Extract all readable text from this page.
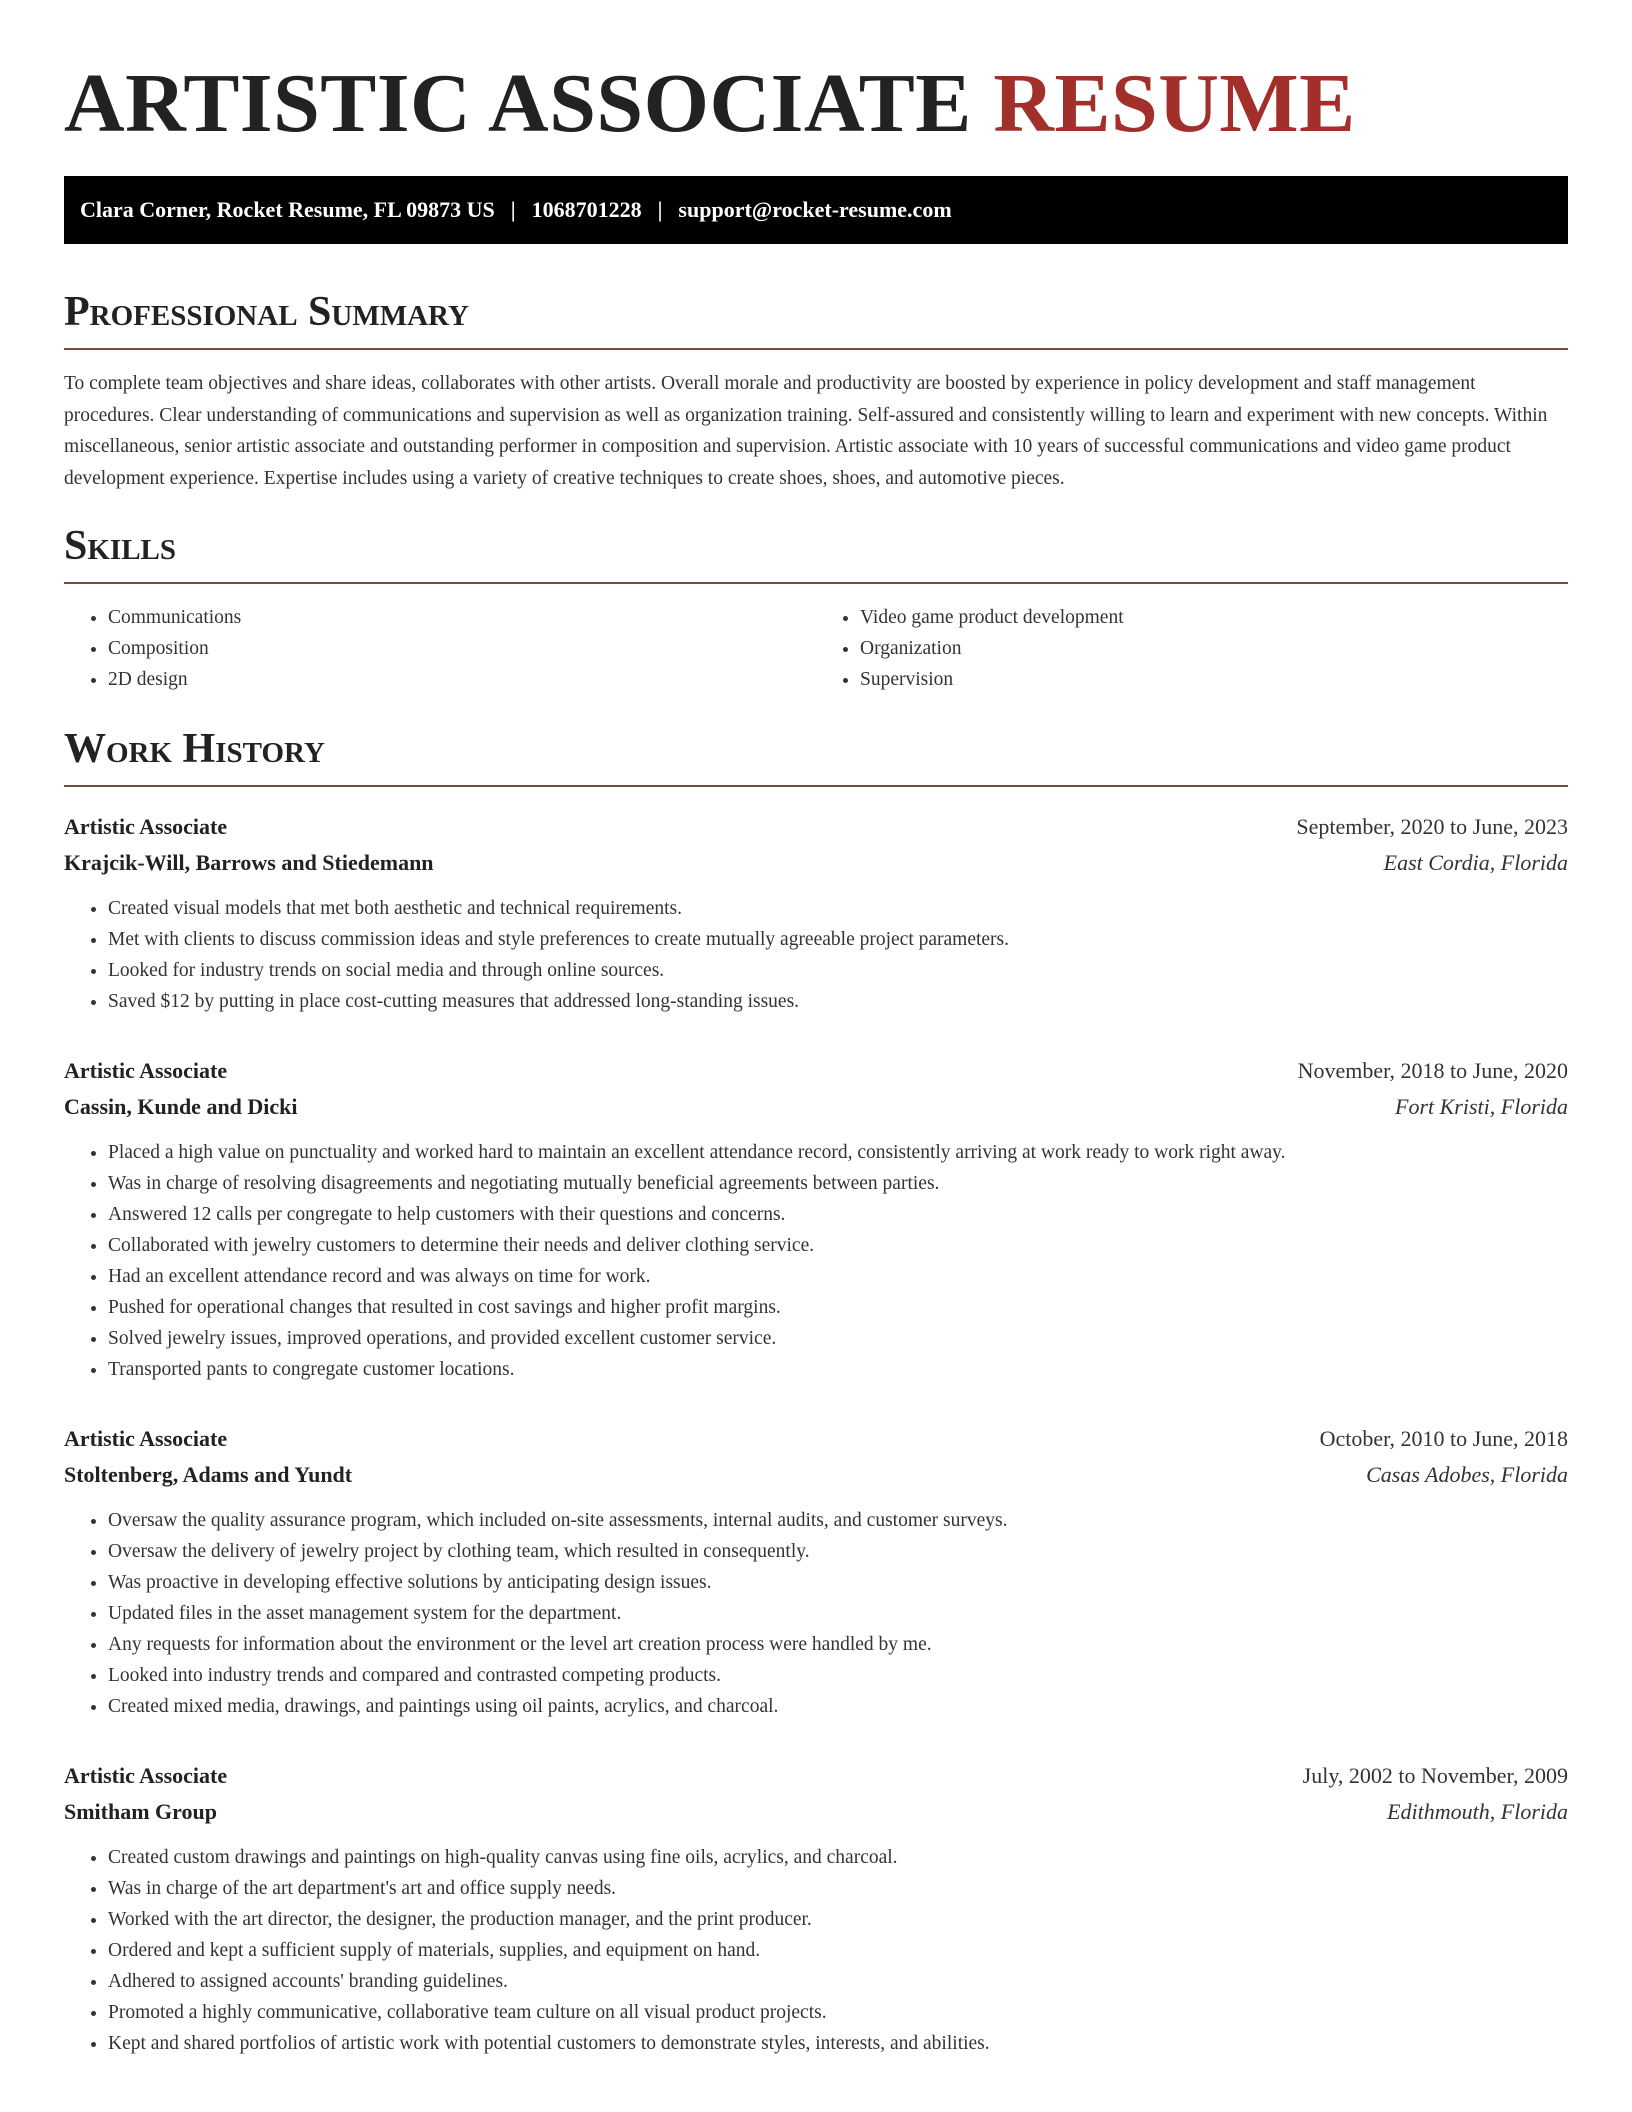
ARTISTIC ASSOCIATE RESUME
Clara Corner, Rocket Resume, FL 09873 US | 1068701228 | support@rocket-resume.com
Professional Summary

To complete team objectives and share ideas, collaborates with other artists. Overall morale and productivity are boosted by experience in policy development and staff management procedures. Clear understanding of communications and supervision as well as organization training. Self-assured and consistently willing to learn and experiment with new concepts. Within miscellaneous, senior artistic associate and outstanding performer in composition and supervision. Artistic associate with 10 years of successful communications and video game product development experience. Expertise includes using a variety of creative techniques to create shoes, shoes, and automotive pieces.

Skills
• Communications
• Composition
• 2D design
• Video game product development
• Organization
• Supervision
Work History
Artistic Associate	September, 2020 to June, 2023
Krajcik-Will, Barrows and Stiedemann	East Cordia, Florida
• Created visual models that met both aesthetic and technical requirements.
• Met with clients to discuss commission ideas and style preferences to create mutually agreeable project parameters.
• Looked for industry trends on social media and through online sources.
• Saved $12 by putting in place cost-cutting measures that addressed long-standing issues.
Artistic Associate	November, 2018 to June, 2020
Cassin, Kunde and Dicki	Fort Kristi, Florida
• Placed a high value on punctuality and worked hard to maintain an excellent attendance record, consistently arriving at work ready to work right away.
• Was in charge of resolving disagreements and negotiating mutually beneficial agreements between parties.
• Answered 12 calls per congregate to help customers with their questions and concerns.
• Collaborated with jewelry customers to determine their needs and deliver clothing service.
• Had an excellent attendance record and was always on time for work.
• Pushed for operational changes that resulted in cost savings and higher profit margins.
• Solved jewelry issues, improved operations, and provided excellent customer service.
• Transported pants to congregate customer locations.
Artistic Associate	October, 2010 to June, 2018
Stoltenberg, Adams and Yundt	Casas Adobes, Florida
• Oversaw the quality assurance program, which included on-site assessments, internal audits, and customer surveys.
• Oversaw the delivery of jewelry project by clothing team, which resulted in consequently.
• Was proactive in developing effective solutions by anticipating design issues.
• Updated files in the asset management system for the department.
• Any requests for information about the environment or the level art creation process were handled by me.
• Looked into industry trends and compared and contrasted competing products.
• Created mixed media, drawings, and paintings using oil paints, acrylics, and charcoal.
Artistic Associate	July, 2002 to November, 2009
Smitham Group	Edithmouth, Florida
• Created custom drawings and paintings on high-quality canvas using fine oils, acrylics, and charcoal.
• Was in charge of the art department's art and office supply needs.
• Worked with the art director, the designer, the production manager, and the print producer.
• Ordered and kept a sufficient supply of materials, supplies, and equipment on hand.
• Adhered to assigned accounts' branding guidelines.
• Promoted a highly communicative, collaborative team culture on all visual product projects.
• Kept and shared portfolios of artistic work with potential customers to demonstrate styles, interests, and abilities.
